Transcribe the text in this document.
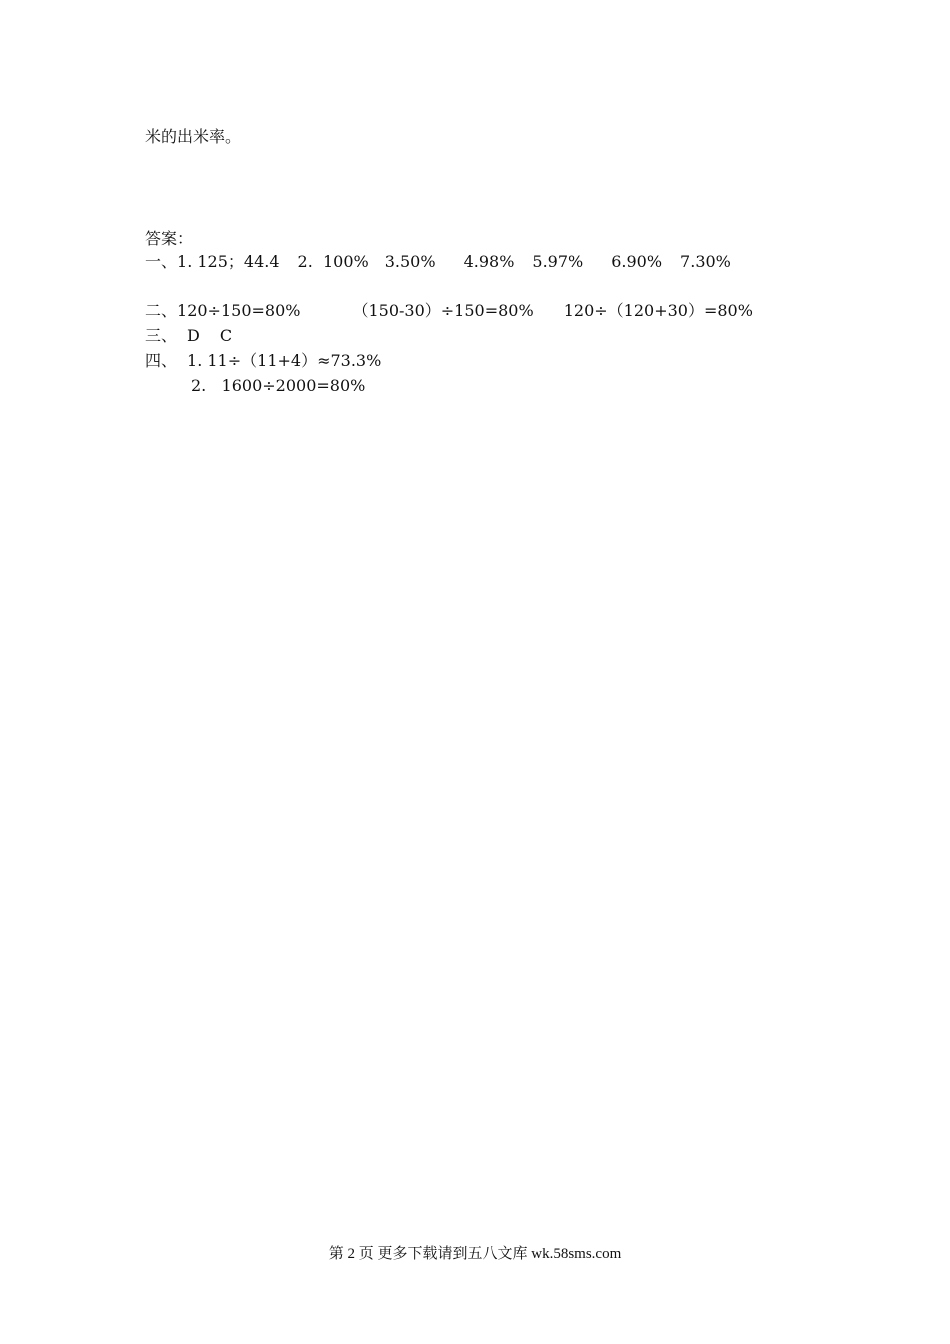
米的出米率。
答案：
一、1. 125；44.4 2.  100% 3.50% 4.98% 5.97% 6.90% 7.30%
二、120÷150=80%	（150-30）÷150=80% 120÷（120+30）=80%
三、 D C
四、 1. 11÷（11+4）≈73.3%
2.   1600÷2000=80%
第 2 页 更多下载请到五八文库 wk.58sms.com
